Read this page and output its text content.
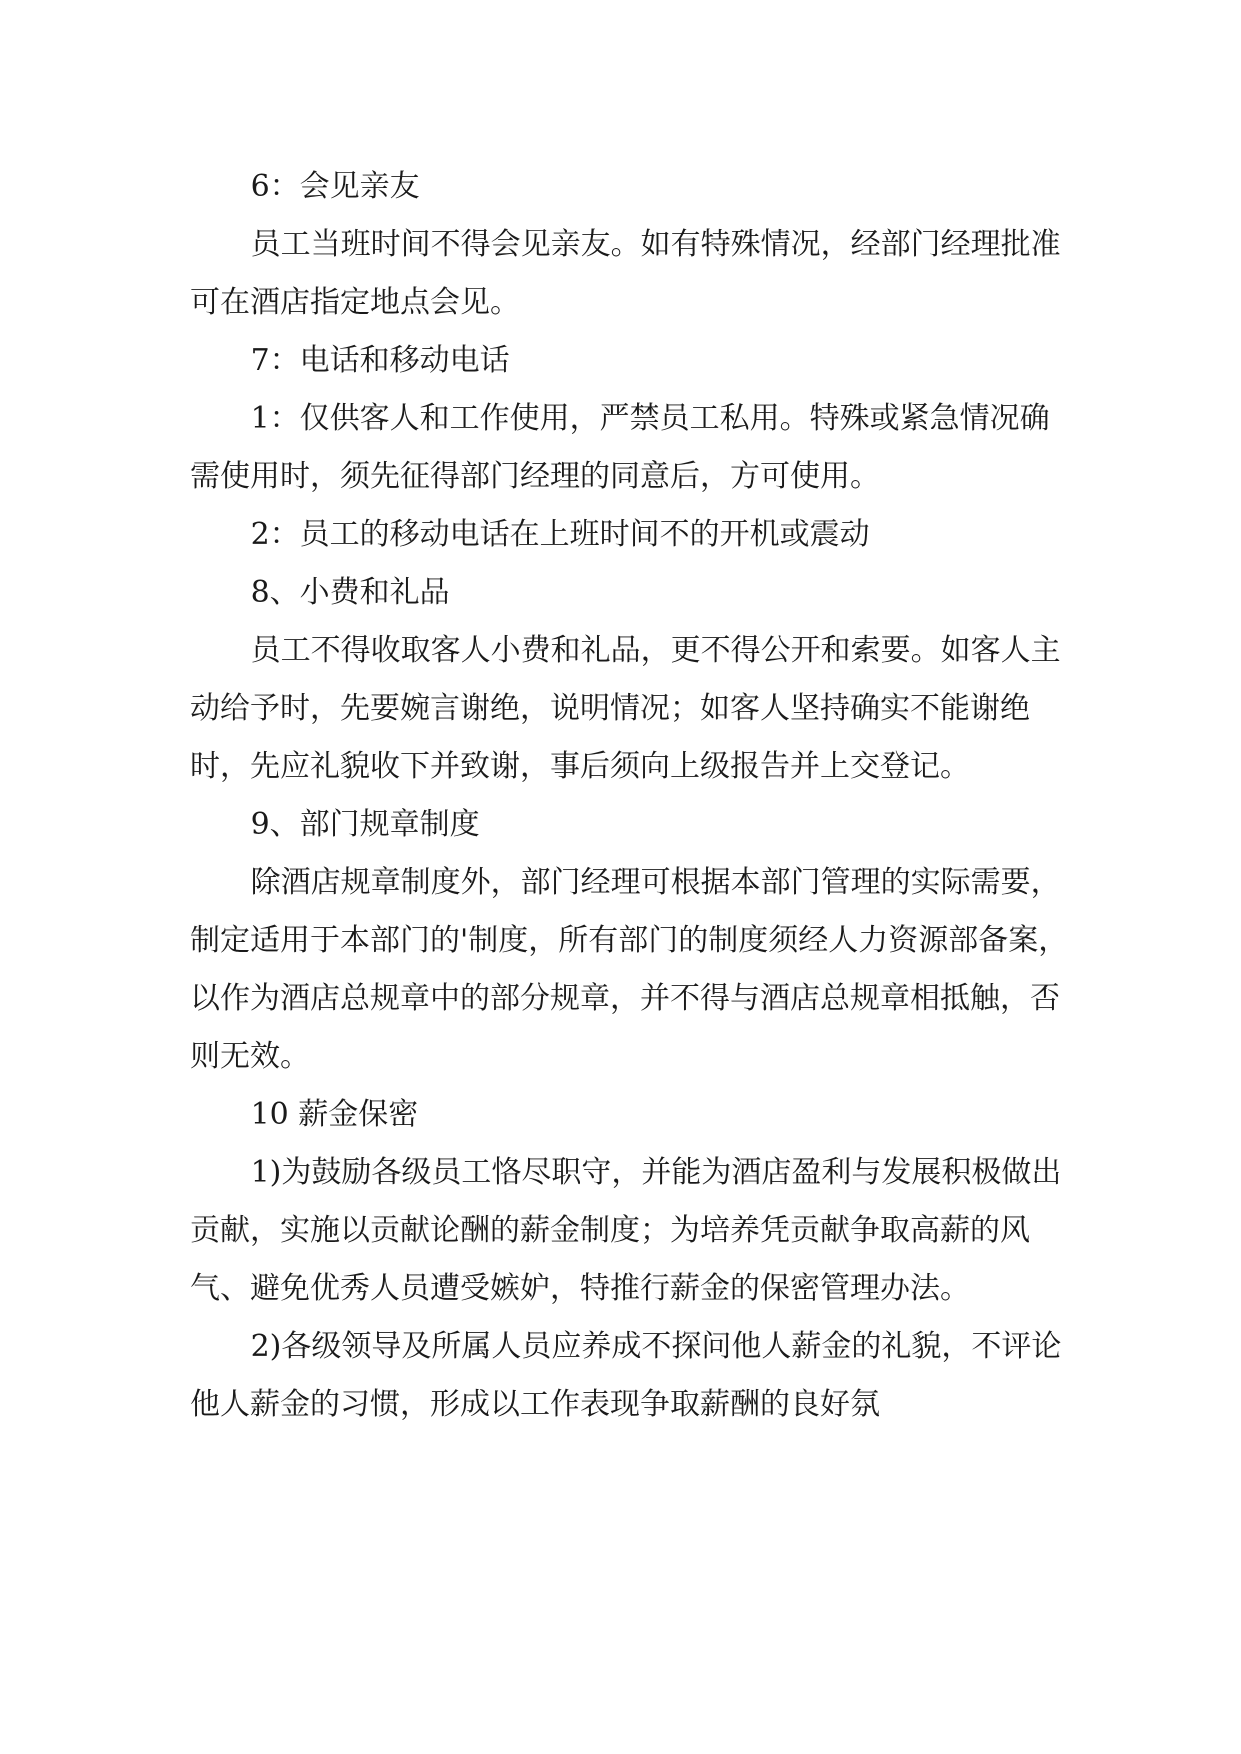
6：会见亲友

员工当班时间不得会见亲友。如有特殊情况，经部门经理批准可在酒店指定地点会见。

7：电话和移动电话

1：仅供客人和工作使用，严禁员工私用。特殊或紧急情况确需使用时，须先征得部门经理的同意后，方可使用。

2：员工的移动电话在上班时间不的开机或震动

8、小费和礼品

员工不得收取客人小费和礼品，更不得公开和索要。如客人主动给予时，先要婉言谢绝，说明情况；如客人坚持确实不能谢绝时，先应礼貌收下并致谢，事后须向上级报告并上交登记。

9、部门规章制度

除酒店规章制度外，部门经理可根据本部门管理的实际需要，制定适用于本部门的'制度，所有部门的制度须经人力资源部备案，以作为酒店总规章中的部分规章，并不得与酒店总规章相抵触，否则无效。

10 薪金保密

1)为鼓励各级员工恪尽职守，并能为酒店盈利与发展积极做出贡献，实施以贡献论酬的薪金制度；为培养凭贡献争取高薪的风气、避免优秀人员遭受嫉妒，特推行薪金的保密管理办法。

2)各级领导及所属人员应养成不探问他人薪金的礼貌，不评论他人薪金的习惯，形成以工作表现争取薪酬的良好氛
